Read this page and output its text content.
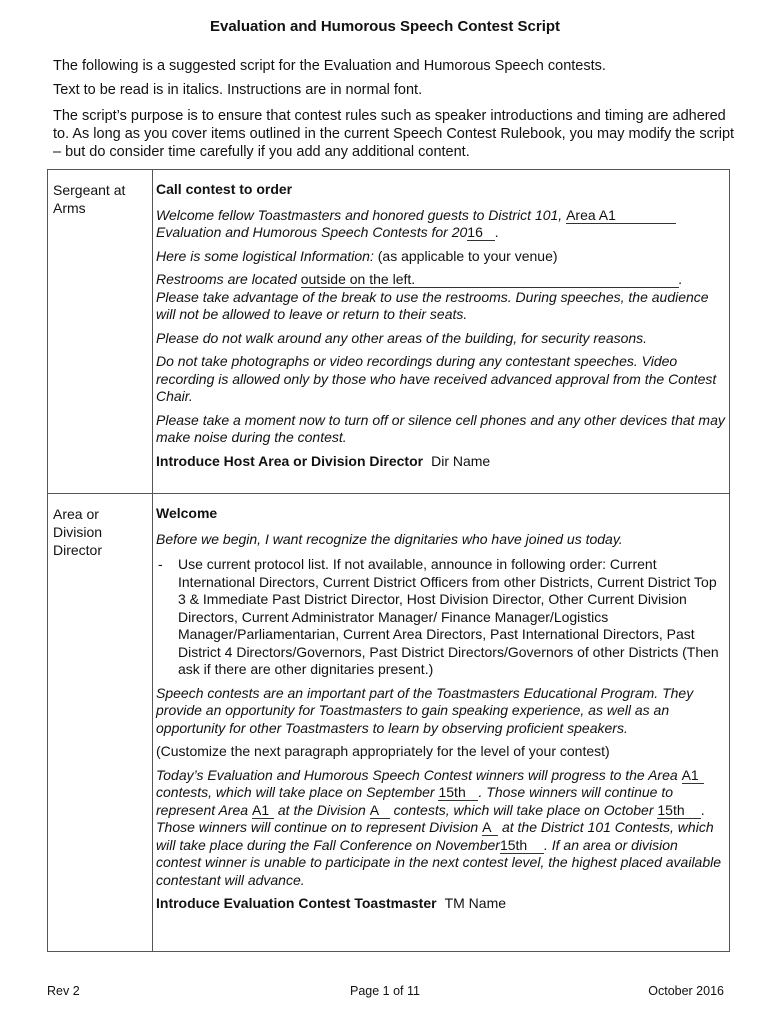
Evaluation and Humorous Speech Contest Script
The following is a suggested script for the Evaluation and Humorous Speech contests.
Text to be read is in italics. Instructions are in normal font.
The script’s purpose is to ensure that contest rules such as speaker introductions and timing are adhered to. As long as you cover items outlined in the current Speech Contest Rulebook, you may modify the script – but do consider time carefully if you add any additional content.
Sergeant at Arms

Call contest to order

Welcome fellow Toastmasters and honored guests to District 101, Area A1 Evaluation and Humorous Speech Contests for 2016 .

Here is some logistical Information: (as applicable to your venue)

Restrooms are located outside on the left.	.

Please take advantage of the break to use the restrooms. During speeches, the audience will not be allowed to leave or return to their seats.

Please do not walk around any other areas of the building, for security reasons.

Do not take photographs or video recordings during any contestant speeches. Video recording is allowed only by those who have received advanced approval from the Contest Chair.

Please take a moment now to turn off or silence cell phones and any other devices that may make noise during the contest.

Introduce Host Area or Division Director Dir Name

Area or Division Director

Welcome

Before we begin, I want recognize the dignitaries who have joined us today.

-	Use current protocol list. If not available, announce in following order: Current International Directors, Current District Officers from other Districts, Current District Top 3 & Immediate Past District Director, Host Division Director, Other Current Division Directors, Current Administrator Manager/ Finance Manager/Logistics Manager/Parliamentarian, Current Area Directors, Past International Directors, Past District 4 Directors/Governors, Past District Directors/Governors of other Districts (Then ask if there are other dignitaries present.)

Speech contests are an important part of the Toastmasters Educational Program. They provide an opportunity for Toastmasters to gain speaking experience, as well as an opportunity for other Toastmasters to learn by observing proficient speakers.

(Customize the next paragraph appropriately for the level of your contest)

Today’s Evaluation and Humorous Speech Contest winners will progress to the Area A1 contests, which will take place on September 15th . Those winners will continue to represent Area A1 at the Division A contests, which will take place on October 15th . Those winners will continue on to represent Division A at the District 101 Contests, which will take place during the Fall Conference on November15th . If an area or division contest winner is unable to participate in the next contest level, the highest placed available contestant will advance.

Introduce Evaluation Contest Toastmaster TM Name

Rev 2	Page 1 of 11	October 2016
